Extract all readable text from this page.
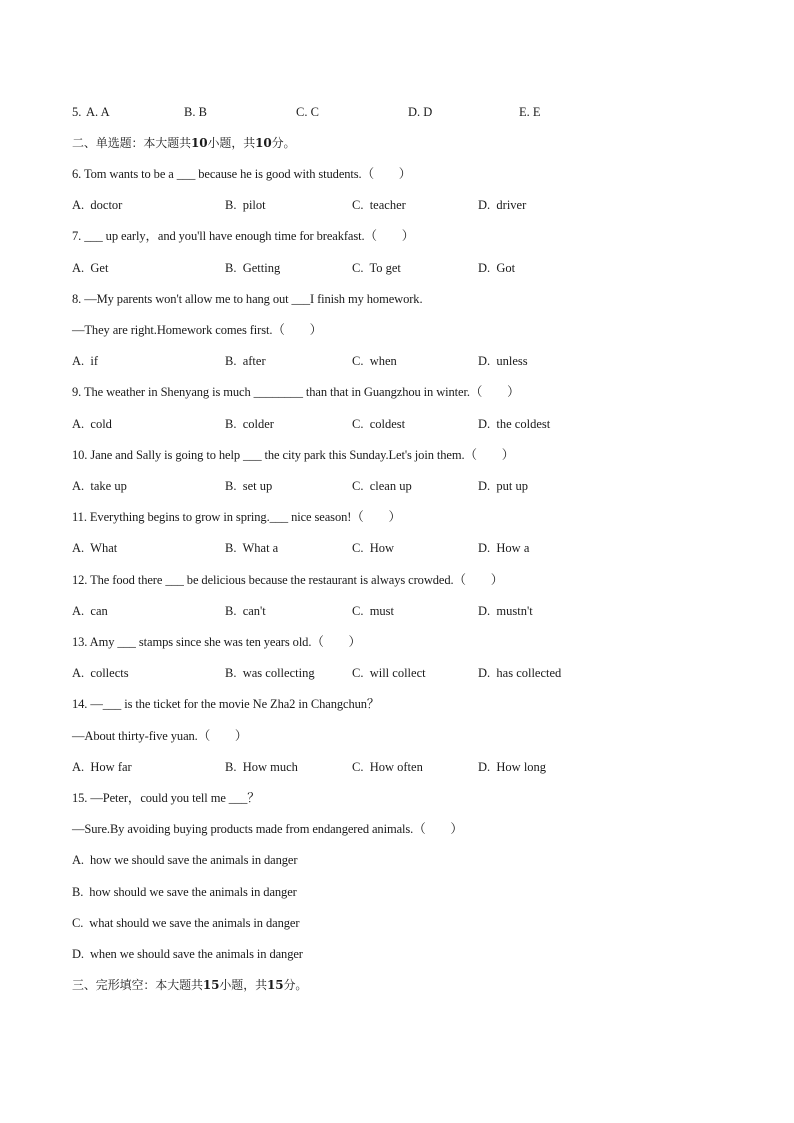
5. A. A	B. B	C. C	D. D	E. E
二、单选题：本大题共10小题，共10分。
6. Tom wants to be a ___ because he is good with students.（　　）
A.  doctor	B.  pilot	C.  teacher	D.  driver
7. ___ up early，and you'll have enough time for breakfast.（　　）
A.  Get	B.  Getting	C.  To get	D.  Got
8. —My parents won't allow me to hang out ___I finish my homework.
—They are right.Homework comes first.（　　）
A.  if	B.  after	C.  when	D.  unless
9. The weather in Shenyang is much ________ than that in Guangzhou in winter.（　　）
A.  cold	B.  colder	C.  coldest	D.  the coldest
10. Jane and Sally is going to help ___ the city park this Sunday.Let's join them.（　　）
A.  take up	B.  set up	C.  clean up	D.  put up
11. Everything begins to grow in spring.___ nice season!（　　）
A.  What	B.  What a	C.  How	D.  How a
12. The food there ___ be delicious because the restaurant is always crowded.（　　）
A.  can	B.  can't	C.  must	D.  mustn't
13. Amy ___ stamps since she was ten years old.（　　）
A.  collects	B.  was collecting	C.  will collect	D.  has collected
14. —___ is the ticket for the movie Ne Zha2 in Changchun？
—About thirty-five yuan.（　　）
A.  How far	B.  How much	C.  How often	D.  How long
15. —Peter，could you tell me ___？
—Sure.By avoiding buying products made from endangered animals.（　　）
A.  how we should save the animals in danger
B.  how should we save the animals in danger
C.  what should we save the animals in danger
D.  when we should save the animals in danger
三、完形填空：本大题共15小题，共15分。
